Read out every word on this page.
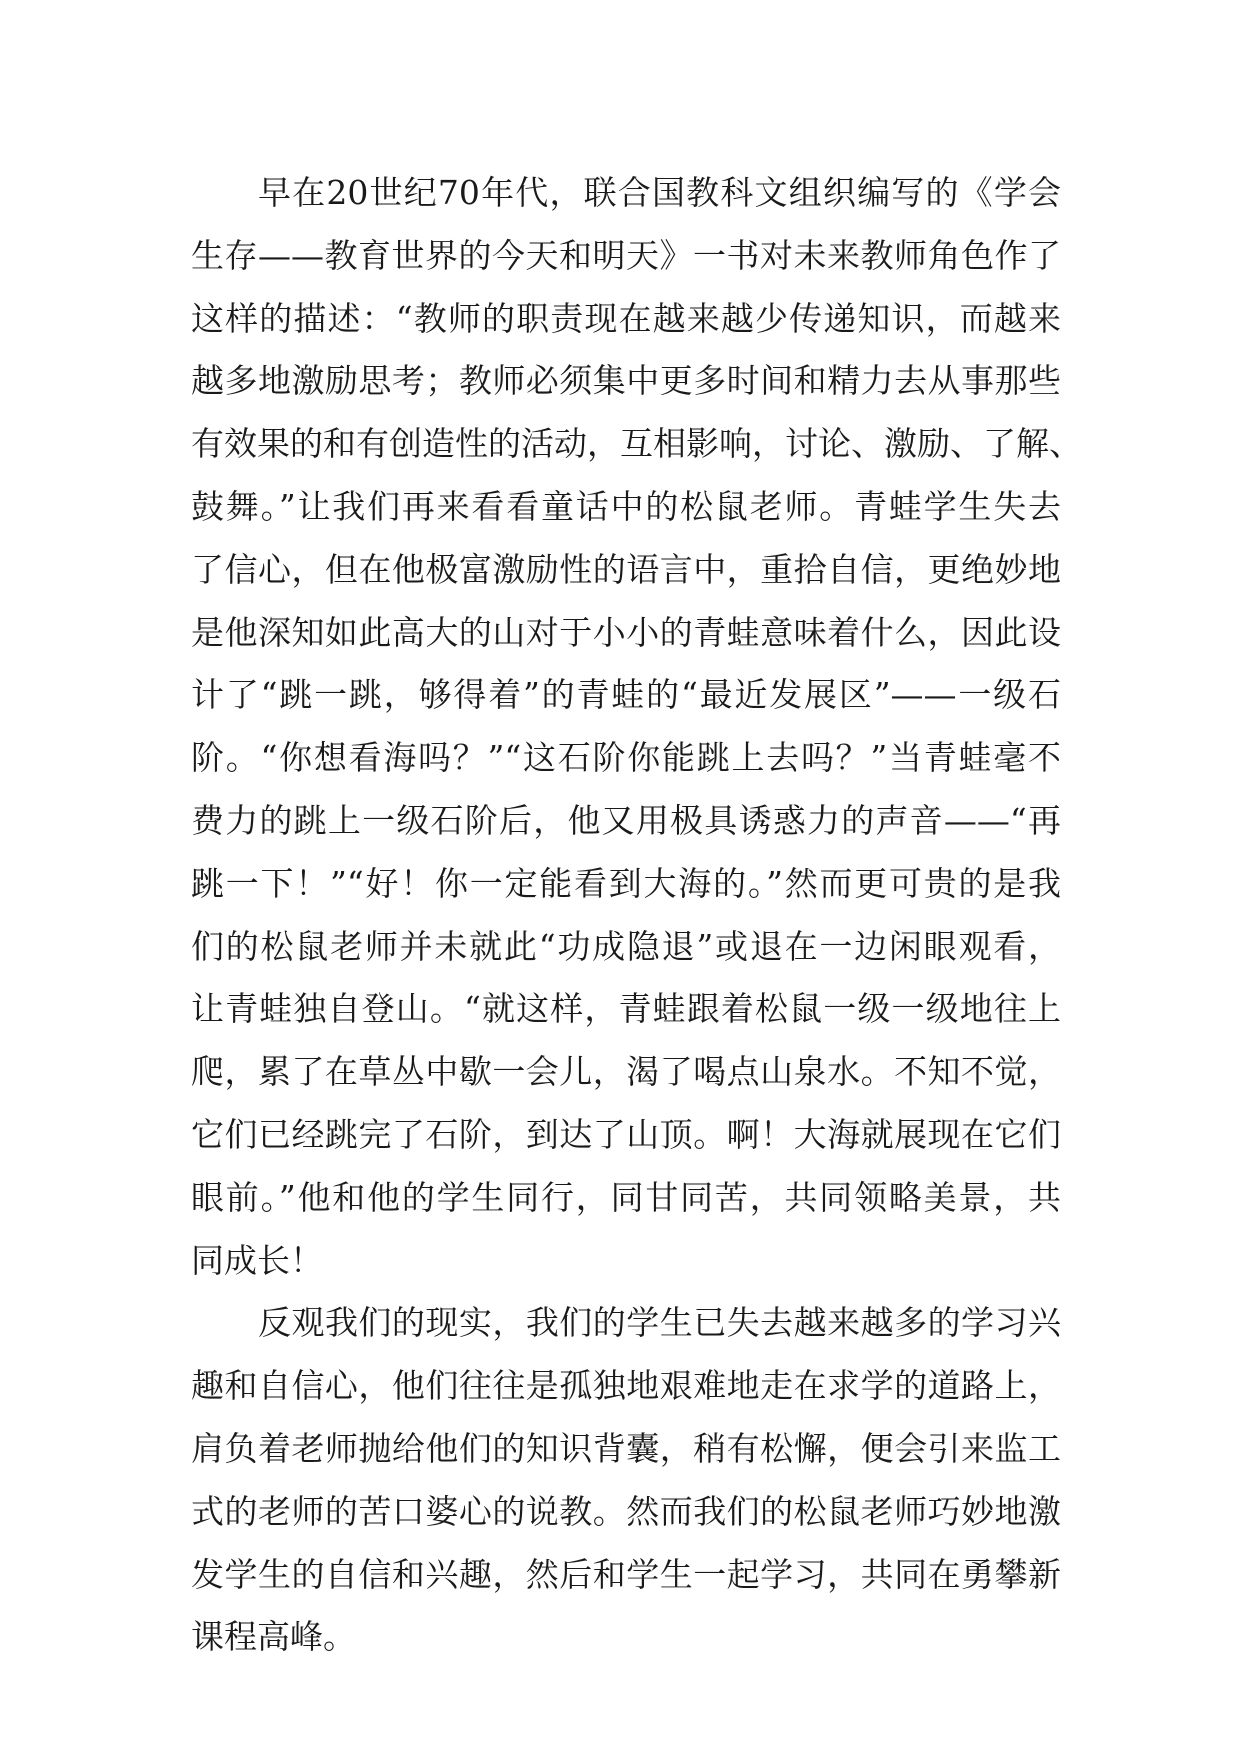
早在20世纪70年代，联合国教科文组织编写的《学会
生存——教育世界的今天和明天》一书对未来教师角色作了
这样的描述：“教师的职责现在越来越少传递知识，而越来
越多地激励思考；教师必须集中更多时间和精力去从事那些
有效果的和有创造性的活动，互相影响，讨论、激励、了解、
鼓舞。”让我们再来看看童话中的松鼠老师。青蛙学生失去
了信心，但在他极富激励性的语言中，重拾自信，更绝妙地
是他深知如此高大的山对于小小的青蛙意味着什么，因此设
计了“跳一跳，够得着”的青蛙的“最近发展区”——一级石
阶。“你想看海吗？”“这石阶你能跳上去吗？”当青蛙毫不
费力的跳上一级石阶后，他又用极具诱惑力的声音——“再
跳一下！”“好！你一定能看到大海的。”然而更可贵的是我
们的松鼠老师并未就此“功成隐退”或退在一边闲眼观看，
让青蛙独自登山。“就这样，青蛙跟着松鼠一级一级地往上
爬，累了在草丛中歇一会儿，渴了喝点山泉水。不知不觉，
它们已经跳完了石阶，到达了山顶。啊！大海就展现在它们
眼前。”他和他的学生同行，同甘同苦，共同领略美景，共
同成长！
反观我们的现实，我们的学生已失去越来越多的学习兴
趣和自信心，他们往往是孤独地艰难地走在求学的道路上，
肩负着老师抛给他们的知识背囊，稍有松懈，便会引来监工
式的老师的苦口婆心的说教。然而我们的松鼠老师巧妙地激
发学生的自信和兴趣，然后和学生一起学习，共同在勇攀新
课程高峰。
